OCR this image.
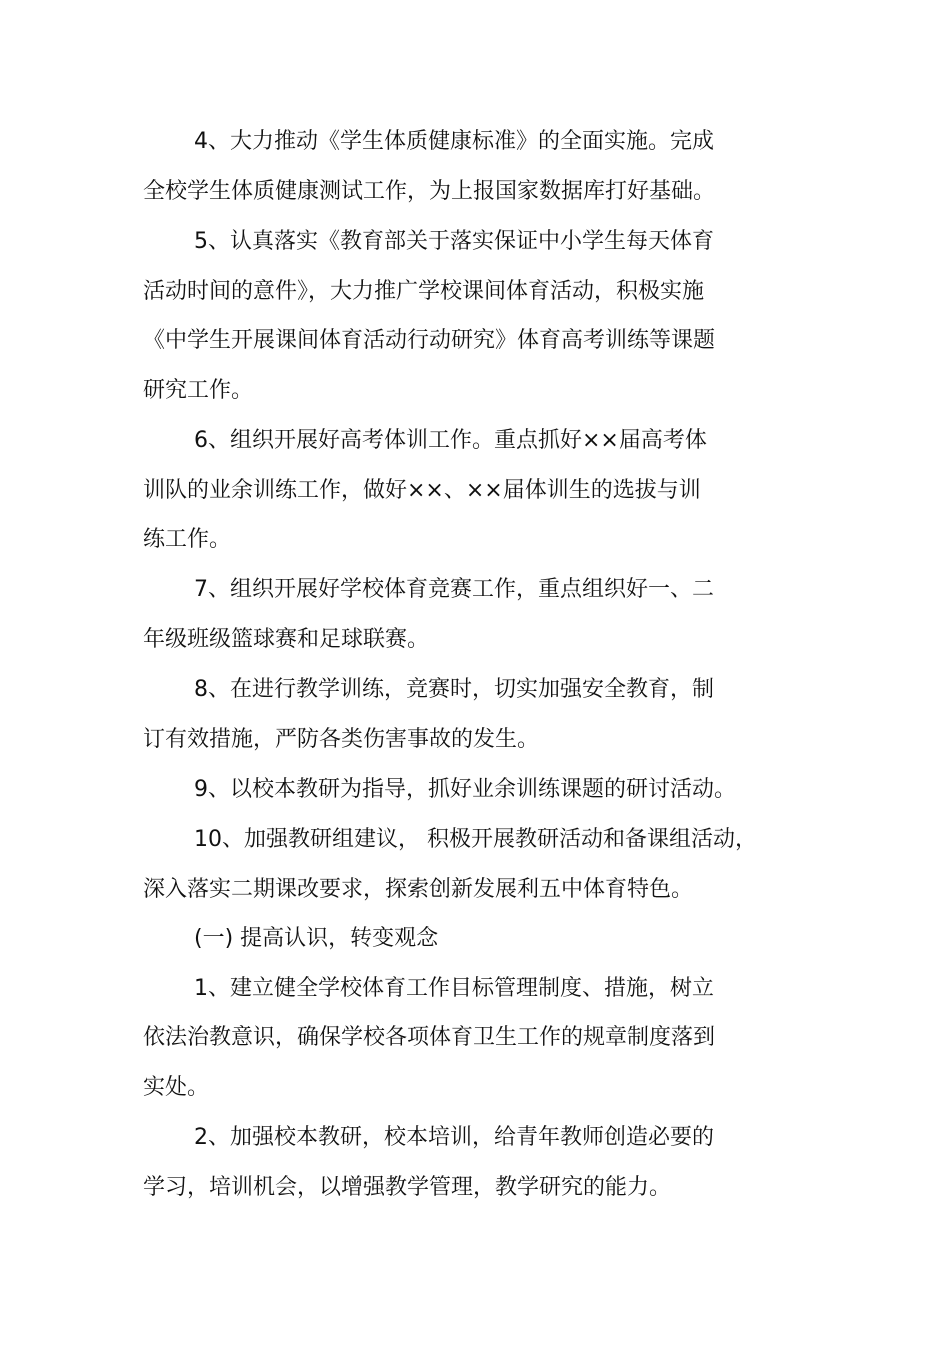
4、大力推动《学生体质健康标准》的全面实施。完成
全校学生体质健康测试工作，为上报国家数据库打好基础。
5、认真落实《教育部关于落实保证中小学生每天体育
活动时间的意件》，大力推广学校课间体育活动，积极实施
《中学生开展课间体育活动行动研究》体育高考训练等课题
研究工作。
6、组织开展好高考体训工作。重点抓好××届高考体
训队的业余训练工作，做好××、××届体训生的选拔与训
练工作。
7、组织开展好学校体育竞赛工作，重点组织好一、二
年级班级篮球赛和足球联赛。
8、在进行教学训练，竞赛时，切实加强安全教育，制
订有效措施，严防各类伤害事故的发生。
9、以校本教研为指导，抓好业余训练课题的研讨活动。
10、加强教研组建议， 积极开展教研活动和备课组活动，
深入落实二期课改要求，探索创新发展利五中体育特色。
(一) 提高认识，转变观念
1、建立健全学校体育工作目标管理制度、措施，树立
依法治教意识，确保学校各项体育卫生工作的规章制度落到
实处。
2、加强校本教研，校本培训，给青年教师创造必要的
学习，培训机会，以增强教学管理，教学研究的能力。
